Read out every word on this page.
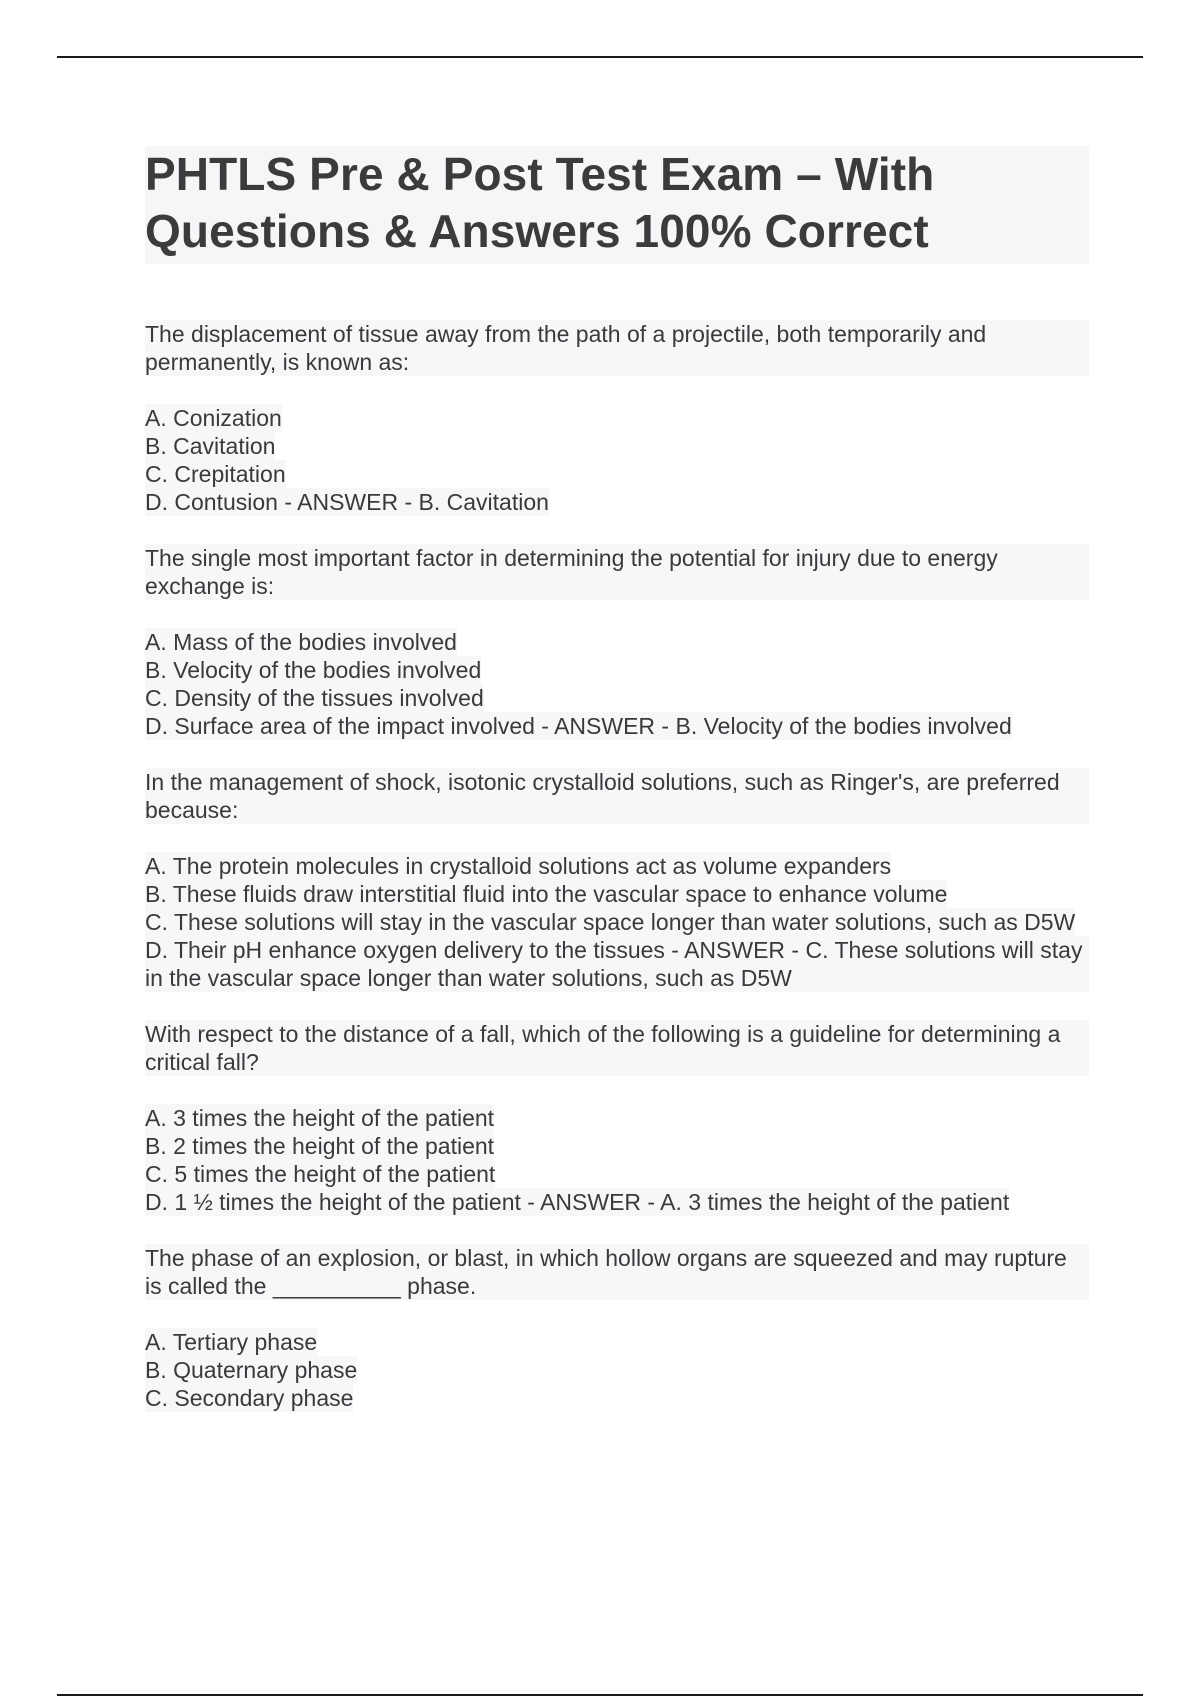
PHTLS Pre & Post Test Exam – With
Questions & Answers 100% Correct

The displacement of tissue away from the path of a projectile, both temporarily and permanently, is known as:

A. Conization
B. Cavitation
C. Crepitation
D. Contusion - ANSWER - B. Cavitation

The single most important factor in determining the potential for injury due to energy exchange is:

A. Mass of the bodies involved
B. Velocity of the bodies involved
C. Density of the tissues involved
D. Surface area of the impact involved - ANSWER - B. Velocity of the bodies involved

In the management of shock, isotonic crystalloid solutions, such as Ringer's, are preferred because:

A. The protein molecules in crystalloid solutions act as volume expanders
B. These fluids draw interstitial fluid into the vascular space to enhance volume
C. These solutions will stay in the vascular space longer than water solutions, such as D5W
D. Their pH enhance oxygen delivery to the tissues - ANSWER - C. These solutions will stay in the vascular space longer than water solutions, such as D5W

With respect to the distance of a fall, which of the following is a guideline for determining a critical fall?

A. 3 times the height of the patient
B. 2 times the height of the patient
C. 5 times the height of the patient
D. 1 ½ times the height of the patient - ANSWER - A. 3 times the height of the patient

The phase of an explosion, or blast, in which hollow organs are squeezed and may rupture is called the __________ phase.

A. Tertiary phase
B. Quaternary phase
C. Secondary phase
